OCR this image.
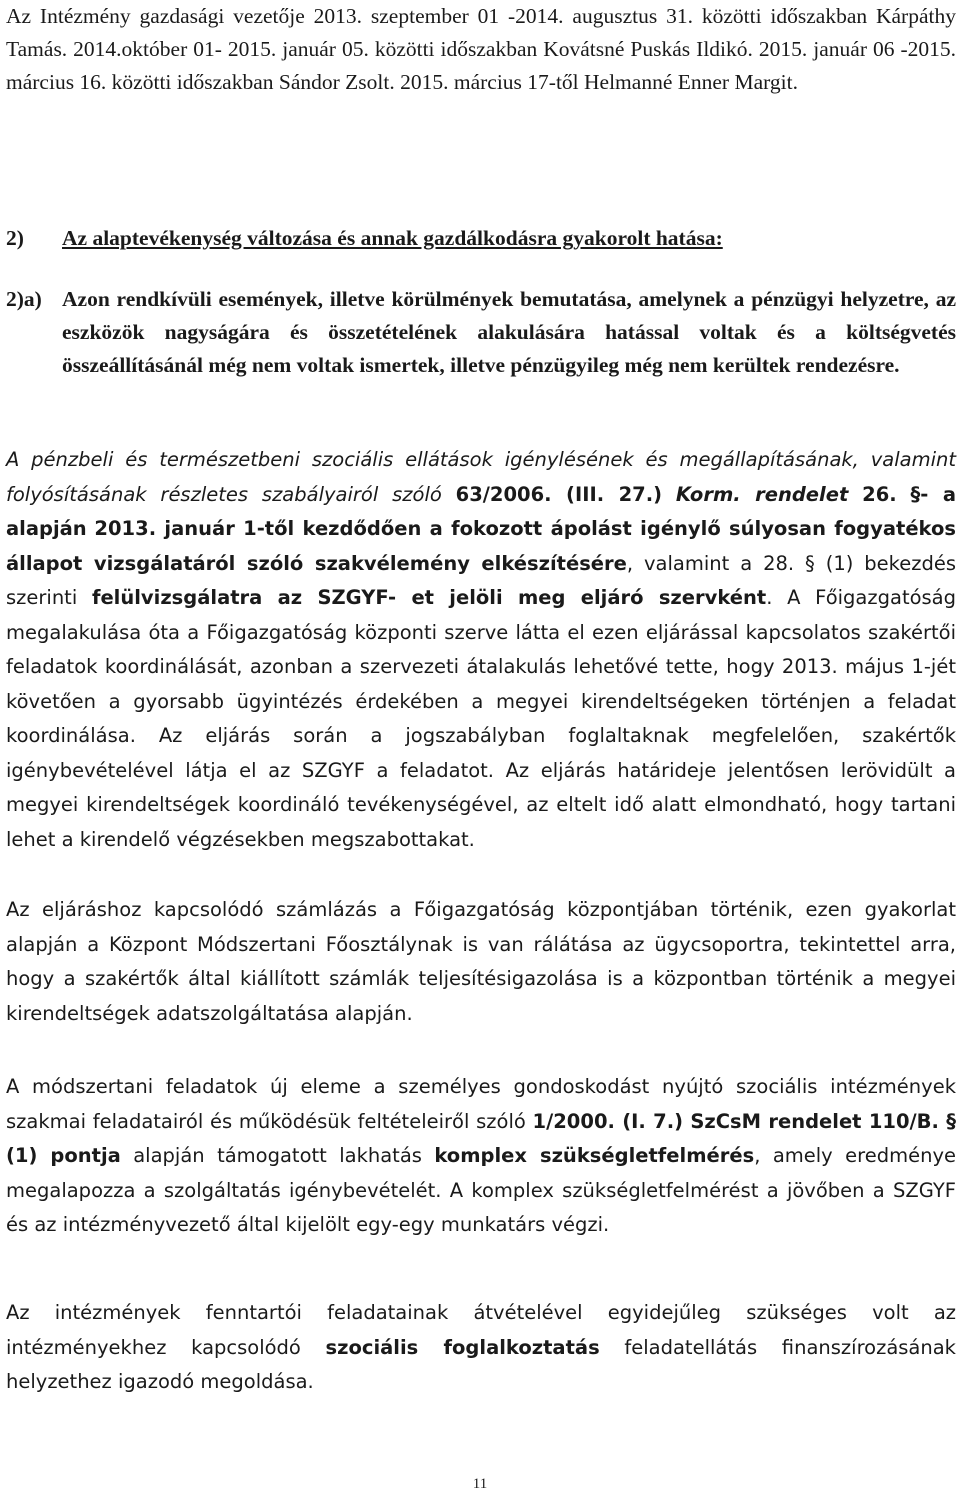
Az Intézmény gazdasági vezetője 2013. szeptember 01 -2014. augusztus 31. közötti időszakban Kárpáthy Tamás. 2014.október 01- 2015. január 05. közötti időszakban Kovátsné Puskás Ildikó. 2015. január 06 -2015. március 16. közötti időszakban Sándor Zsolt. 2015. március 17-től Helmanné Enner Margit.

2) Az alaptevékenység változása és annak gazdálkodásra gyakorolt hatása:
2)a) Azon rendkívüli események, illetve körülmények bemutatása, amelynek a pénzügyi helyzetre, az eszközök nagyságára és összetételének alakulására hatással voltak és a költségvetés összeállításánál még nem voltak ismertek, illetve pénzügyileg még nem kerültek rendezésre.

A pénzbeli és természetbeni szociális ellátások igénylésének és megállapításának, valamint folyósításának részletes szabályairól szóló 63/2006. (III. 27.) Korm. rendelet 26. §- a alapján 2013. január 1-től kezdődően a fokozott ápolást igénylő súlyosan fogyatékos állapot vizsgálatáról szóló szakvélemény elkészítésére, valamint a 28. § (1) bekezdés szerinti felülvizsgálatra az SZGYF- et jelöli meg eljáró szervként. A Főigazgatóság megalakulása óta a Főigazgatóság központi szerve látta el ezen eljárással kapcsolatos szakértői feladatok koordinálását, azonban a szervezeti átalakulás lehetővé tette, hogy 2013. május 1-jét követően a gyorsabb ügyintézés érdekében a megyei kirendeltségeken történjen a feladat koordinálása. Az eljárás során a jogszabályban foglaltaknak megfelelően, szakértők igénybevételével látja el az SZGYF a feladatot. Az eljárás határideje jelentősen lerövidült a megyei kirendeltségek koordináló tevékenységével, az eltelt idő alatt elmondható, hogy tartani lehet a kirendelő végzésekben megszabottakat.

Az eljáráshoz kapcsolódó számlázás a Főigazgatóság központjában történik, ezen gyakorlat alapján a Központ Módszertani Főosztálynak is van rálátása az ügycsoportra, tekintettel arra, hogy a szakértők által kiállított számlák teljesítésigazolása is a központban történik a megyei kirendeltségek adatszolgáltatása alapján.

A módszertani feladatok új eleme a személyes gondoskodást nyújtó szociális intézmények szakmai feladatairól és működésük feltételeiről szóló 1/2000. (I. 7.) SzCsM rendelet 110/B. § (1) pontja alapján támogatott lakhatás komplex szükségletfelmérés, amely eredménye megalapozza a szolgáltatás igénybevételét. A komplex szükségletfelmérést a jövőben a SZGYF és az intézményvezető által kijelölt egy-egy munkatárs végzi.

Az intézmények fenntartói feladatainak átvételével egyidejűleg szükséges volt az intézményekhez kapcsolódó szociális foglalkoztatás feladatellátás finanszírozásának helyzethez igazodó megoldása.

11
